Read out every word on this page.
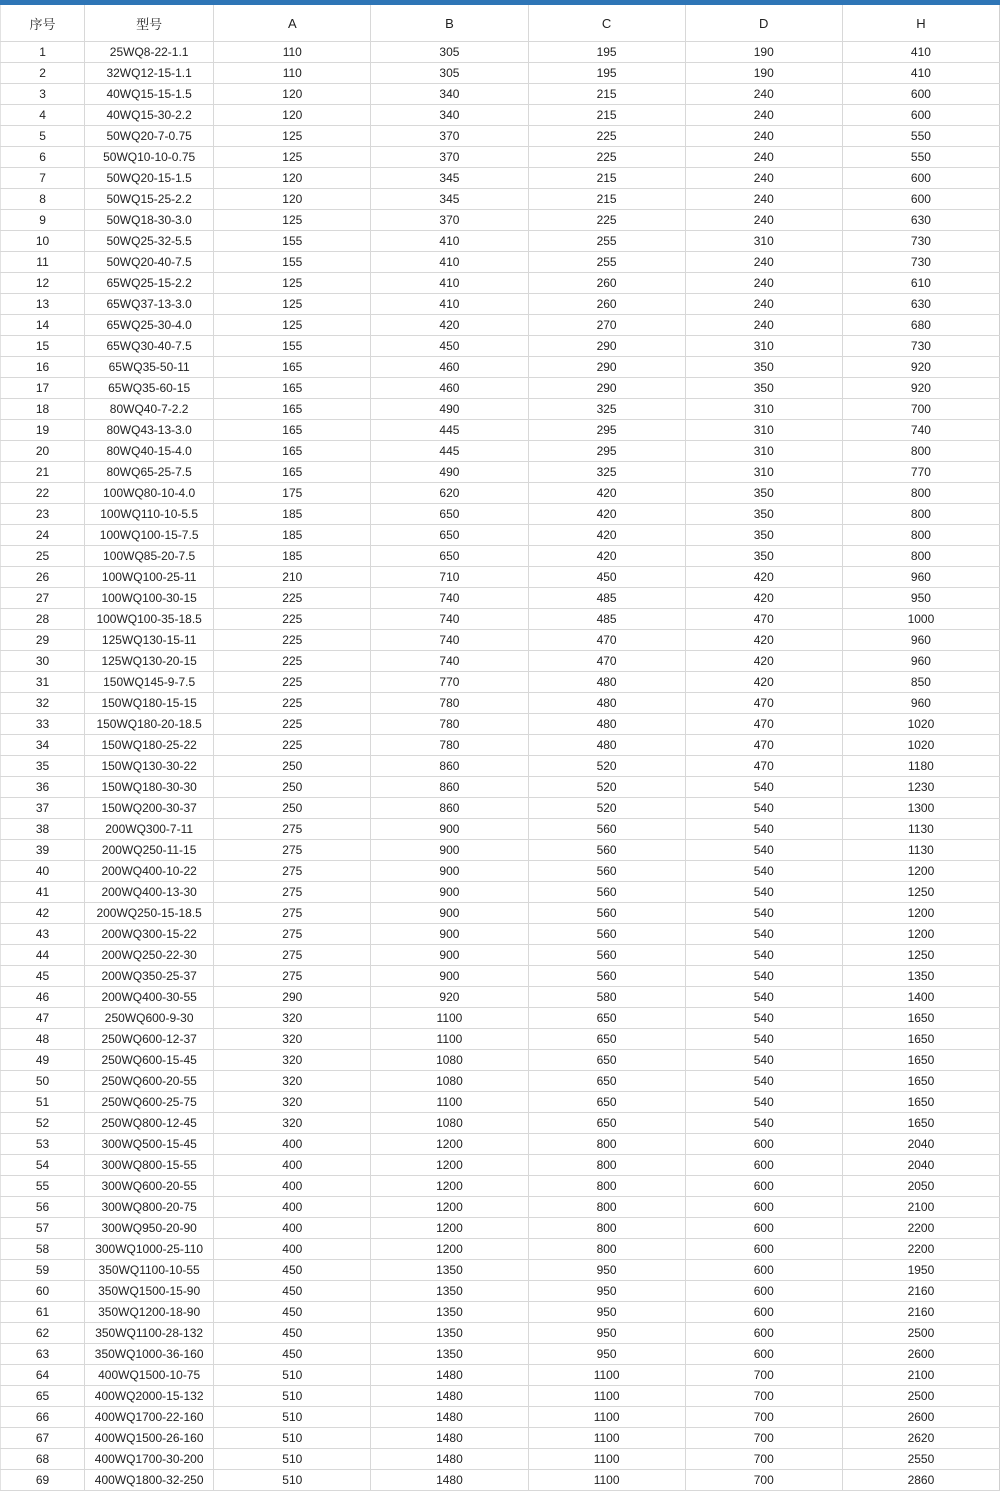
序号	型号	A	B	C	D	H
1	25WQ8-22-1.1	110	305	195	190	410
2	32WQ12-15-1.1	110	305	195	190	410
3	40WQ15-15-1.5	120	340	215	240	600
4	40WQ15-30-2.2	120	340	215	240	600
5	50WQ20-7-0.75	125	370	225	240	550
6	50WQ10-10-0.75	125	370	225	240	550
7	50WQ20-15-1.5	120	345	215	240	600
8	50WQ15-25-2.2	120	345	215	240	600
9	50WQ18-30-3.0	125	370	225	240	630
10	50WQ25-32-5.5	155	410	255	310	730
11	50WQ20-40-7.5	155	410	255	240	730
12	65WQ25-15-2.2	125	410	260	240	610
13	65WQ37-13-3.0	125	410	260	240	630
14	65WQ25-30-4.0	125	420	270	240	680
15	65WQ30-40-7.5	155	450	290	310	730
16	65WQ35-50-11	165	460	290	350	920
17	65WQ35-60-15	165	460	290	350	920
18	80WQ40-7-2.2	165	490	325	310	700
19	80WQ43-13-3.0	165	445	295	310	740
20	80WQ40-15-4.0	165	445	295	310	800
21	80WQ65-25-7.5	165	490	325	310	770
22	100WQ80-10-4.0	175	620	420	350	800
23	100WQ110-10-5.5	185	650	420	350	800
24	100WQ100-15-7.5	185	650	420	350	800
25	100WQ85-20-7.5	185	650	420	350	800
26	100WQ100-25-11	210	710	450	420	960
27	100WQ100-30-15	225	740	485	420	950
28	100WQ100-35-18.5	225	740	485	470	1000
29	125WQ130-15-11	225	740	470	420	960
30	125WQ130-20-15	225	740	470	420	960
31	150WQ145-9-7.5	225	770	480	420	850
32	150WQ180-15-15	225	780	480	470	960
33	150WQ180-20-18.5	225	780	480	470	1020
34	150WQ180-25-22	225	780	480	470	1020
35	150WQ130-30-22	250	860	520	470	1180
36	150WQ180-30-30	250	860	520	540	1230
37	150WQ200-30-37	250	860	520	540	1300
38	200WQ300-7-11	275	900	560	540	1130
39	200WQ250-11-15	275	900	560	540	1130
40	200WQ400-10-22	275	900	560	540	1200
41	200WQ400-13-30	275	900	560	540	1250
42	200WQ250-15-18.5	275	900	560	540	1200
43	200WQ300-15-22	275	900	560	540	1200
44	200WQ250-22-30	275	900	560	540	1250
45	200WQ350-25-37	275	900	560	540	1350
46	200WQ400-30-55	290	920	580	540	1400
47	250WQ600-9-30	320	1100	650	540	1650
48	250WQ600-12-37	320	1100	650	540	1650
49	250WQ600-15-45	320	1080	650	540	1650
50	250WQ600-20-55	320	1080	650	540	1650
51	250WQ600-25-75	320	1100	650	540	1650
52	250WQ800-12-45	320	1080	650	540	1650
53	300WQ500-15-45	400	1200	800	600	2040
54	300WQ800-15-55	400	1200	800	600	2040
55	300WQ600-20-55	400	1200	800	600	2050
56	300WQ800-20-75	400	1200	800	600	2100
57	300WQ950-20-90	400	1200	800	600	2200
58	300WQ1000-25-110	400	1200	800	600	2200
59	350WQ1100-10-55	450	1350	950	600	1950
60	350WQ1500-15-90	450	1350	950	600	2160
61	350WQ1200-18-90	450	1350	950	600	2160
62	350WQ1100-28-132	450	1350	950	600	2500
63	350WQ1000-36-160	450	1350	950	600	2600
64	400WQ1500-10-75	510	1480	1100	700	2100
65	400WQ2000-15-132	510	1480	1100	700	2500
66	400WQ1700-22-160	510	1480	1100	700	2600
67	400WQ1500-26-160	510	1480	1100	700	2620
68	400WQ1700-30-200	510	1480	1100	700	2550
69	400WQ1800-32-250	510	1480	1100	700	2860
